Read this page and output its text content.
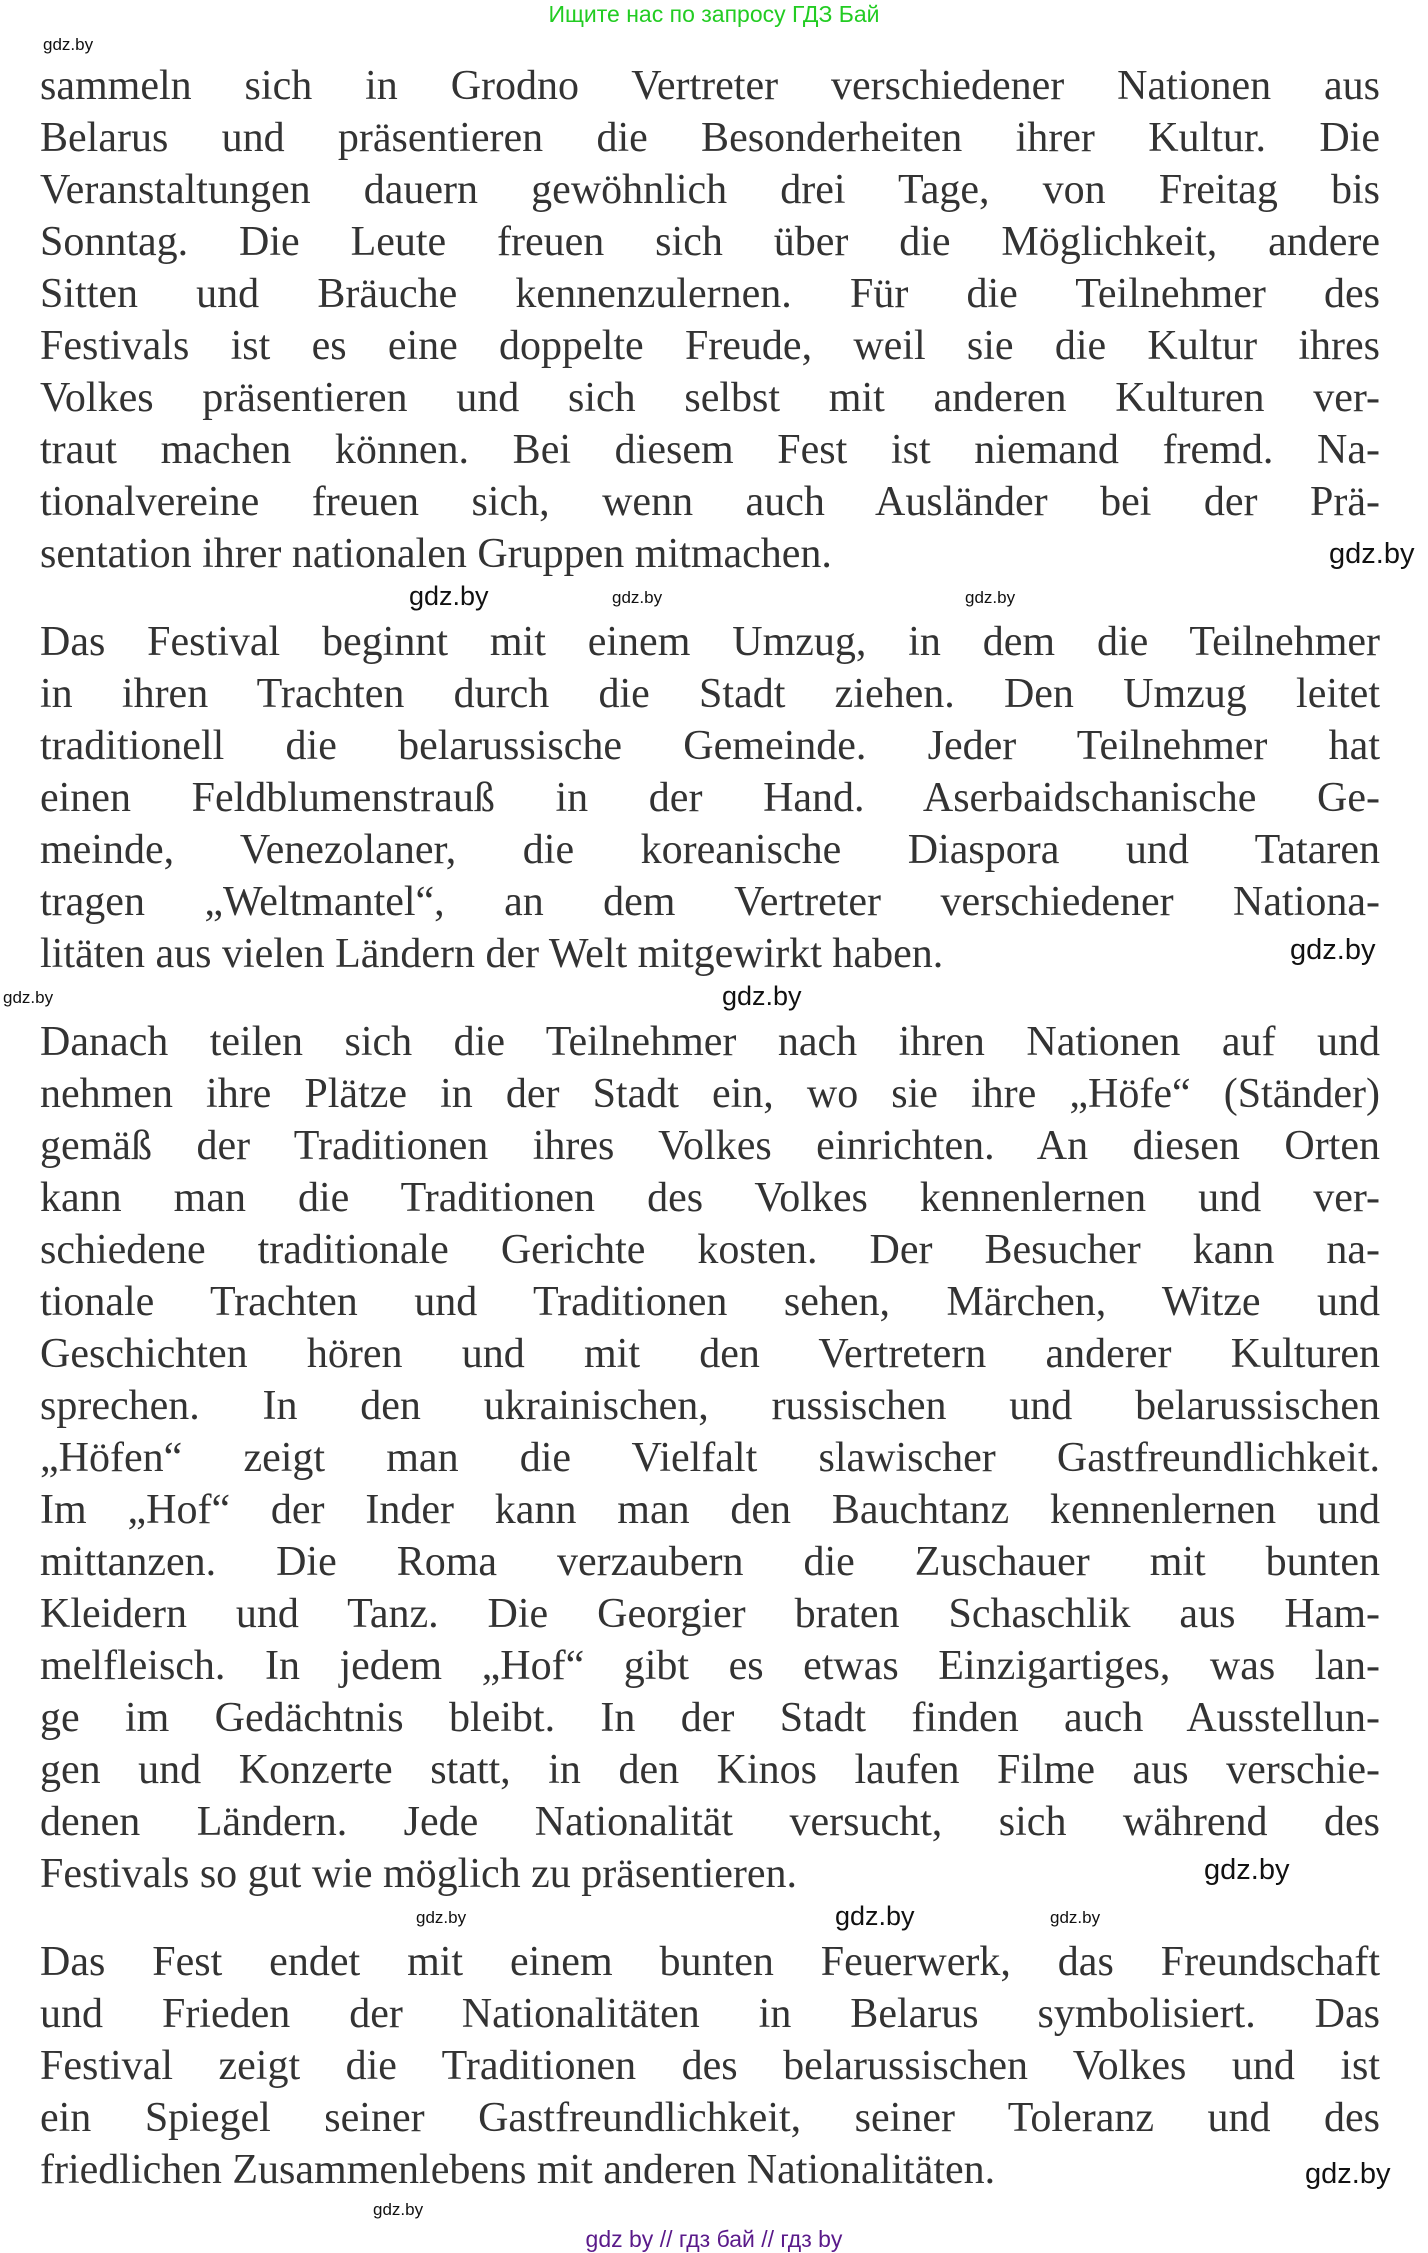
Ищите нас по запросу ГДЗ Бай
sammeln sich in Grodno Vertreter verschiedener Nationen aus
Belarus und präsentieren die Besonderheiten ihrer Kultur. Die
Veranstaltungen dauern gewöhnlich drei Tage, von Freitag bis
Sonntag. Die Leute freuen sich über die Möglichkeit, andere
Sitten und Bräuche kennenzulernen. Für die Teilnehmer des
Festivals ist es eine doppelte Freude, weil sie die Kultur ihres
Volkes präsentieren und sich selbst mit anderen Kulturen ver-
traut machen können. Bei diesem Fest ist niemand fremd. Na-
tionalvereine freuen sich, wenn auch Ausländer bei der Prä-
sentation ihrer nationalen Gruppen mitmachen.
Das Festival beginnt mit einem Umzug, in dem die Teilnehmer
in ihren Trachten durch die Stadt ziehen. Den Umzug leitet
traditionell die belarussische Gemeinde. Jeder Teilnehmer hat
einen Feldblumenstrauß in der Hand. Aserbaidschanische Ge-
meinde, Venezolaner, die koreanische Diaspora und Tataren
tragen „Weltmantel“, an dem Vertreter verschiedener Nationa-
litäten aus vielen Ländern der Welt mitgewirkt haben.
Danach teilen sich die Teilnehmer nach ihren Nationen auf und
nehmen ihre Plätze in der Stadt ein, wo sie ihre „Höfe“ (Ständer)
gemäß der Traditionen ihres Volkes einrichten. An diesen Orten
kann man die Traditionen des Volkes kennenlernen und ver-
schiedene traditionale Gerichte kosten. Der Besucher kann na-
tionale Trachten und Traditionen sehen, Märchen, Witze und
Geschichten hören und mit den Vertretern anderer Kulturen
sprechen. In den ukrainischen, russischen und belarussischen
„Höfen“ zeigt man die Vielfalt slawischer Gastfreundlichkeit.
Im „Hof“ der Inder kann man den Bauchtanz kennenlernen und
mittanzen. Die Roma verzaubern die Zuschauer mit bunten
Kleidern und Tanz. Die Georgier braten Schaschlik aus Ham-
melfleisch. In jedem „Hof“ gibt es etwas Einzigartiges, was lan-
ge im Gedächtnis bleibt. In der Stadt finden auch Ausstellun-
gen und Konzerte statt, in den Kinos laufen Filme aus verschie-
denen Ländern. Jede Nationalität versucht, sich während des
Festivals so gut wie möglich zu präsentieren.
Das Fest endet mit einem bunten Feuerwerk, das Freundschaft
und Frieden der Nationalitäten in Belarus symbolisiert. Das
Festival zeigt die Traditionen des belarussischen Volkes und ist
ein Spiegel seiner Gastfreundlichkeit, seiner Toleranz und des
friedlichen Zusammenlebens mit anderen Nationalitäten.
gdz.by
gdz.by
gdz.by	gdz.by	gdz.by
gdz.by
gdz.by	gdz.by
gdz.by
gdz.by	gdz.by	gdz.by
gdz.by
gdz.by
gdz by // гдз бай // гдз by
